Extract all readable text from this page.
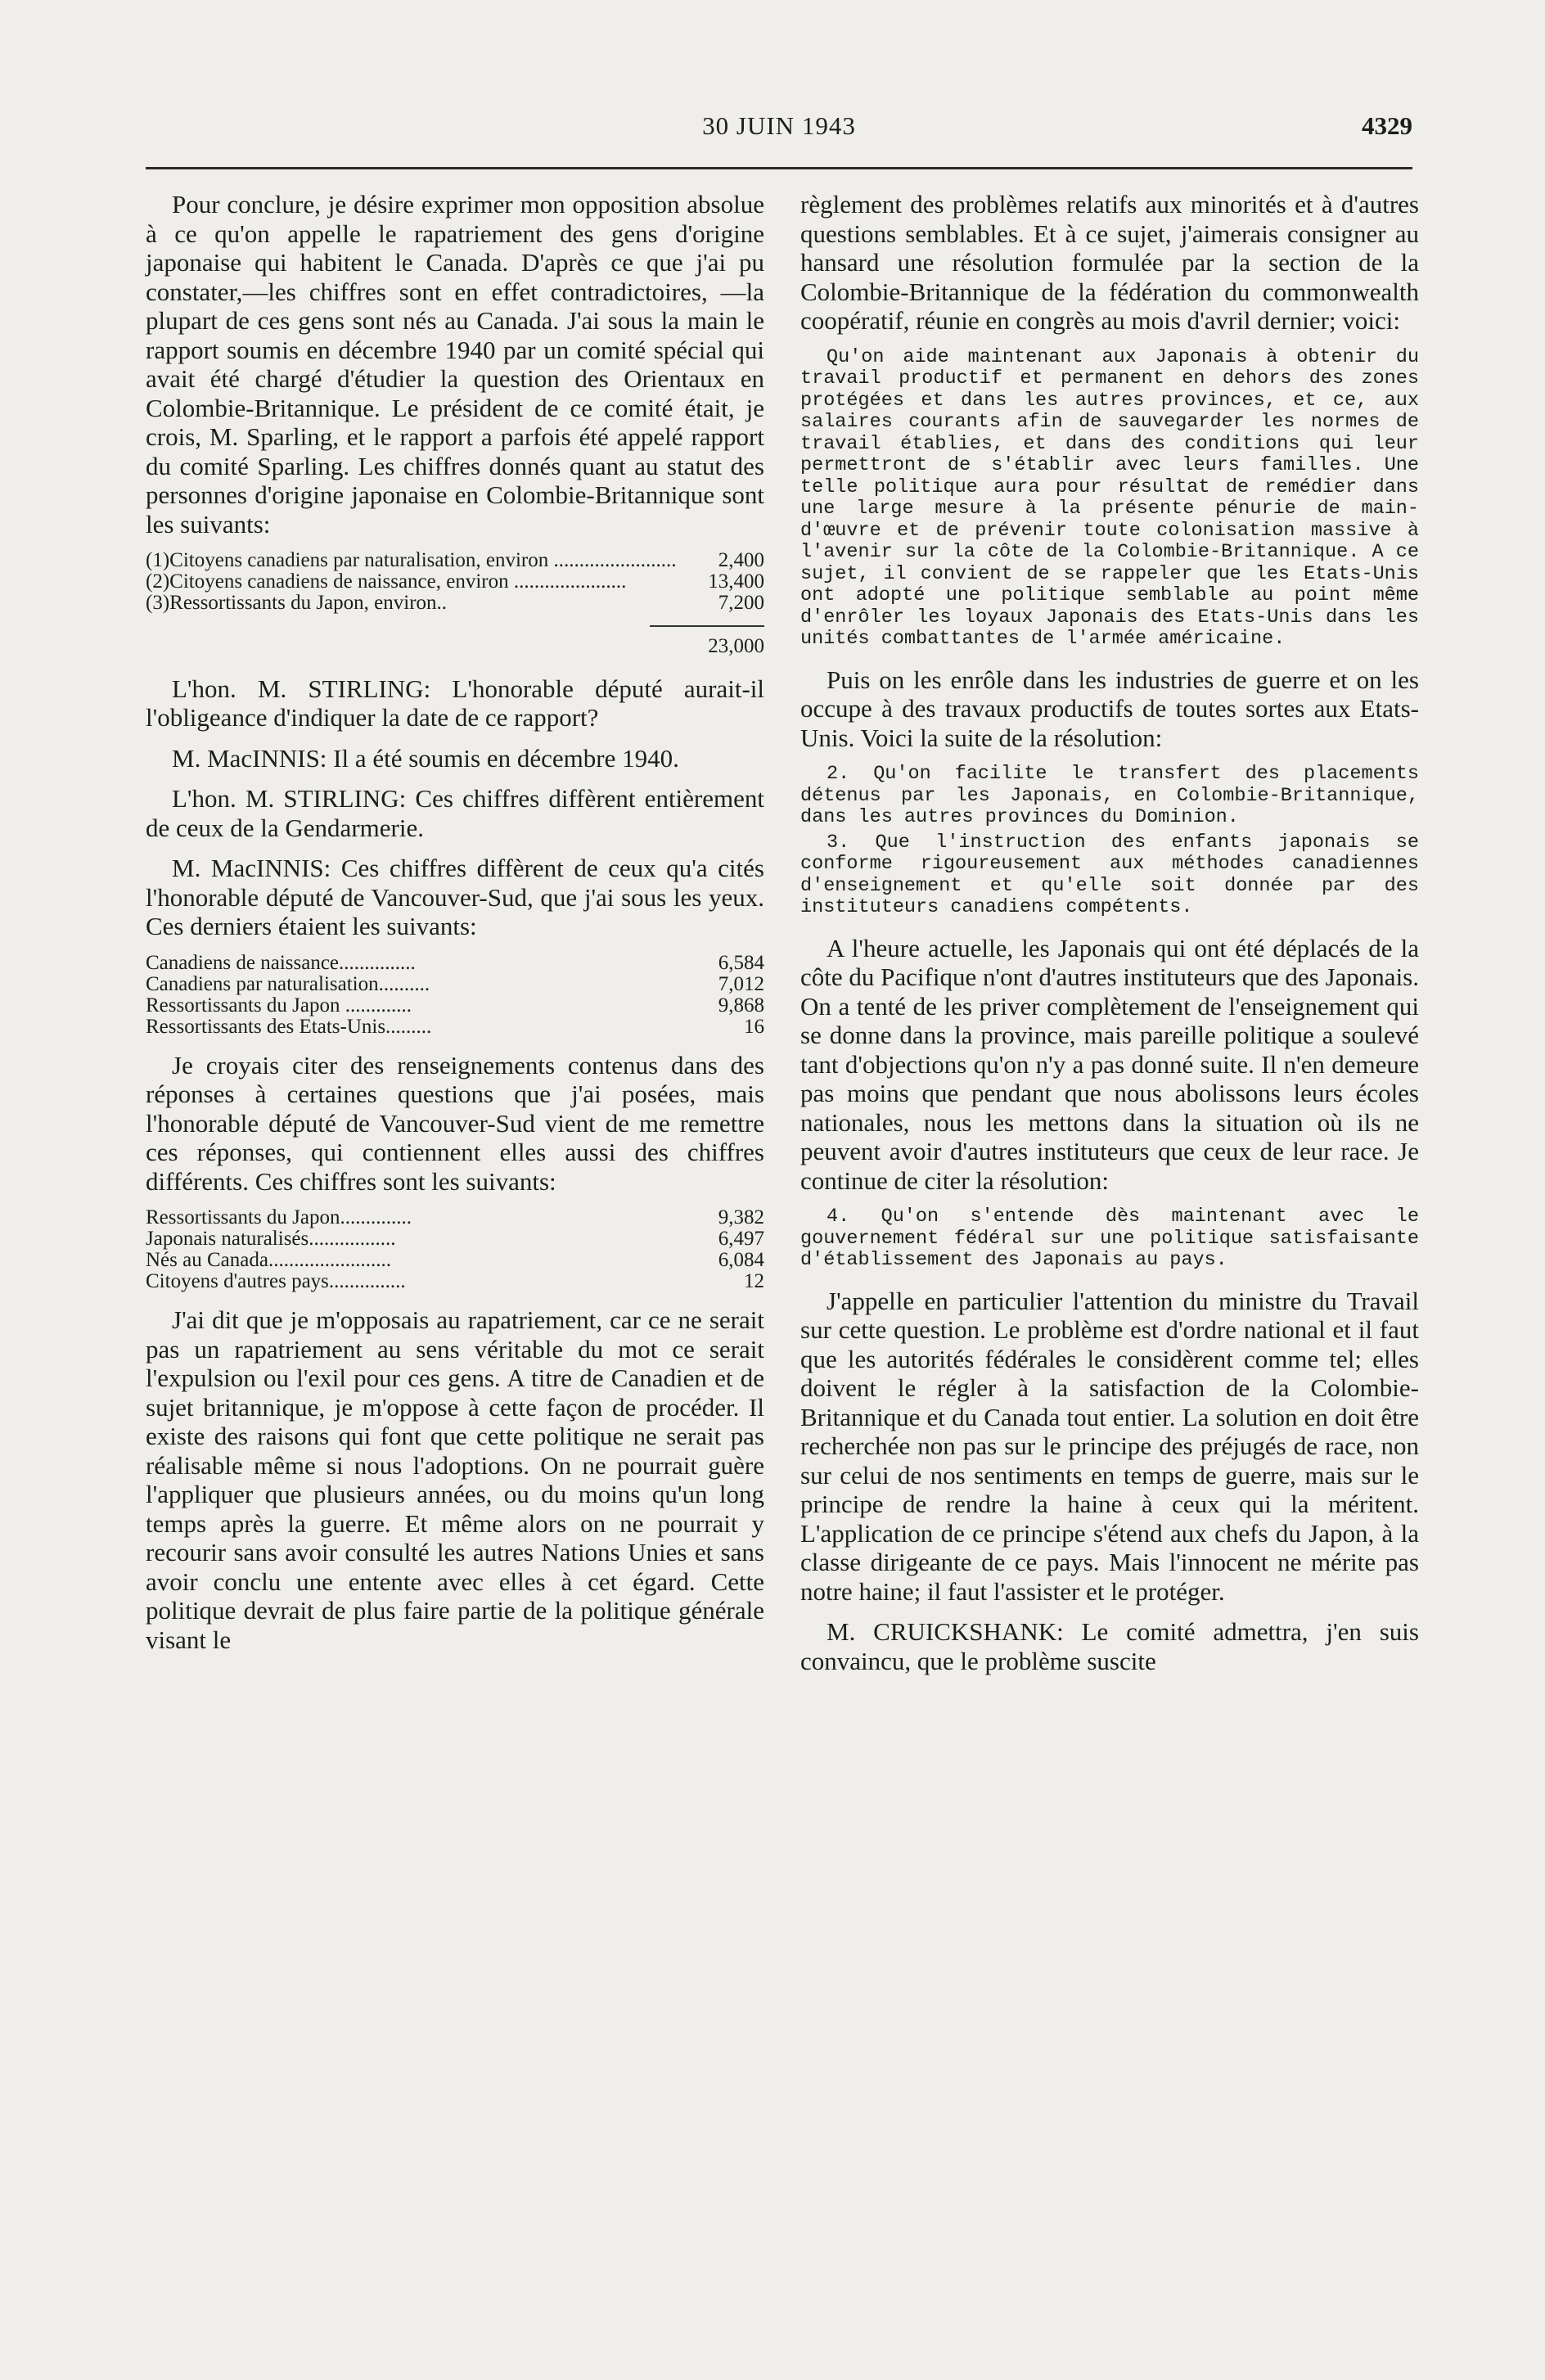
30 JUIN 1943	4329

Pour conclure, je désire exprimer mon opposition absolue à ce qu'on appelle le rapatriement des gens d'origine japonaise qui habitent le Canada. D'après ce que j'ai pu constater,—les chiffres sont en effet contradictoires, —la plupart de ces gens sont nés au Canada. J'ai sous la main le rapport soumis en décembre 1940 par un comité spécial qui avait été chargé d'étudier la question des Orientaux en Colombie-Britannique. Le président de ce comité était, je crois, M. Sparling, et le rapport a parfois été appelé rapport du comité Sparling. Les chiffres donnés quant au statut des personnes d'origine japonaise en Colombie-Britannique sont les suivants:

(1)	Citoyens canadiens par naturalisation, environ ........................	2,400
(2)	Citoyens canadiens de naissance, environ ......................	13,400
(3)	Ressortissants du Japon, environ..	7,200
23,000

L'hon. M. STIRLING: L'honorable député aurait-il l'obligeance d'indiquer la date de ce rapport?

M. MacINNIS: Il a été soumis en décembre 1940.

L'hon. M. STIRLING: Ces chiffres diffèrent entièrement de ceux de la Gendarmerie.

M. MacINNIS: Ces chiffres diffèrent de ceux qu'a cités l'honorable député de Vancouver-Sud, que j'ai sous les yeux. Ces derniers étaient les suivants:

Canadiens de naissance...............	6,584
Canadiens par naturalisation..........	7,012
Ressortissants du Japon .............	9,868
Ressortissants des Etats-Unis.........	16

Je croyais citer des renseignements contenus dans des réponses à certaines questions que j'ai posées, mais l'honorable député de Vancouver-Sud vient de me remettre ces réponses, qui contiennent elles aussi des chiffres différents. Ces chiffres sont les suivants:

Ressortissants du Japon..............	9,382
Japonais naturalisés.................	6,497
Nés au Canada........................	6,084
Citoyens d'autres pays...............	12

J'ai dit que je m'opposais au rapatriement, car ce ne serait pas un rapatriement au sens véritable du mot ce serait l'expulsion ou l'exil pour ces gens. A titre de Canadien et de sujet britannique, je m'oppose à cette façon de procéder. Il existe des raisons qui font que cette politique ne serait pas réalisable même si nous l'adoptions. On ne pourrait guère l'appliquer que plusieurs années, ou du moins qu'un long temps après la guerre. Et même alors on ne pourrait y recourir sans avoir consulté les autres Nations Unies et sans avoir conclu une entente avec elles à cet égard. Cette politique devrait de plus faire partie de la politique générale visant le

règlement des problèmes relatifs aux minorités et à d'autres questions semblables. Et à ce sujet, j'aimerais consigner au hansard une résolution formulée par la section de la Colombie-Britannique de la fédération du commonwealth coopératif, réunie en congrès au mois d'avril dernier; voici:

Qu'on aide maintenant aux Japonais à obtenir du travail productif et permanent en dehors des zones protégées et dans les autres provinces, et ce, aux salaires courants afin de sauvegarder les normes de travail établies, et dans des conditions qui leur permettront de s'établir avec leurs familles. Une telle politique aura pour résultat de remédier dans une large mesure à la présente pénurie de main-d'œuvre et de prévenir toute colonisation massive à l'avenir sur la côte de la Colombie-Britannique. A ce sujet, il convient de se rappeler que les Etats-Unis ont adopté une politique semblable au point même d'enrôler les loyaux Japonais des Etats-Unis dans les unités combattantes de l'armée américaine.

Puis on les enrôle dans les industries de guerre et on les occupe à des travaux productifs de toutes sortes aux Etats-Unis. Voici la suite de la résolution:

2. Qu'on facilite le transfert des placements détenus par les Japonais, en Colombie-Britannique, dans les autres provinces du Dominion.
3. Que l'instruction des enfants japonais se conforme rigoureusement aux méthodes canadiennes d'enseignement et qu'elle soit donnée par des instituteurs canadiens compétents.

A l'heure actuelle, les Japonais qui ont été déplacés de la côte du Pacifique n'ont d'autres instituteurs que des Japonais. On a tenté de les priver complètement de l'enseignement qui se donne dans la province, mais pareille politique a soulevé tant d'objections qu'on n'y a pas donné suite. Il n'en demeure pas moins que pendant que nous abolissons leurs écoles nationales, nous les mettons dans la situation où ils ne peuvent avoir d'autres instituteurs que ceux de leur race. Je continue de citer la résolution:

4. Qu'on s'entende dès maintenant avec le gouvernement fédéral sur une politique satisfaisante d'établissement des Japonais au pays.

J'appelle en particulier l'attention du ministre du Travail sur cette question. Le problème est d'ordre national et il faut que les autorités fédérales le considèrent comme tel; elles doivent le régler à la satisfaction de la Colombie-Britannique et du Canada tout entier. La solution en doit être recherchée non pas sur le principe des préjugés de race, non sur celui de nos sentiments en temps de guerre, mais sur le principe de rendre la haine à ceux qui la méritent. L'application de ce principe s'étend aux chefs du Japon, à la classe dirigeante de ce pays. Mais l'innocent ne mérite pas notre haine; il faut l'assister et le protéger.

M. CRUICKSHANK: Le comité admettra, j'en suis convaincu, que le problème suscite
